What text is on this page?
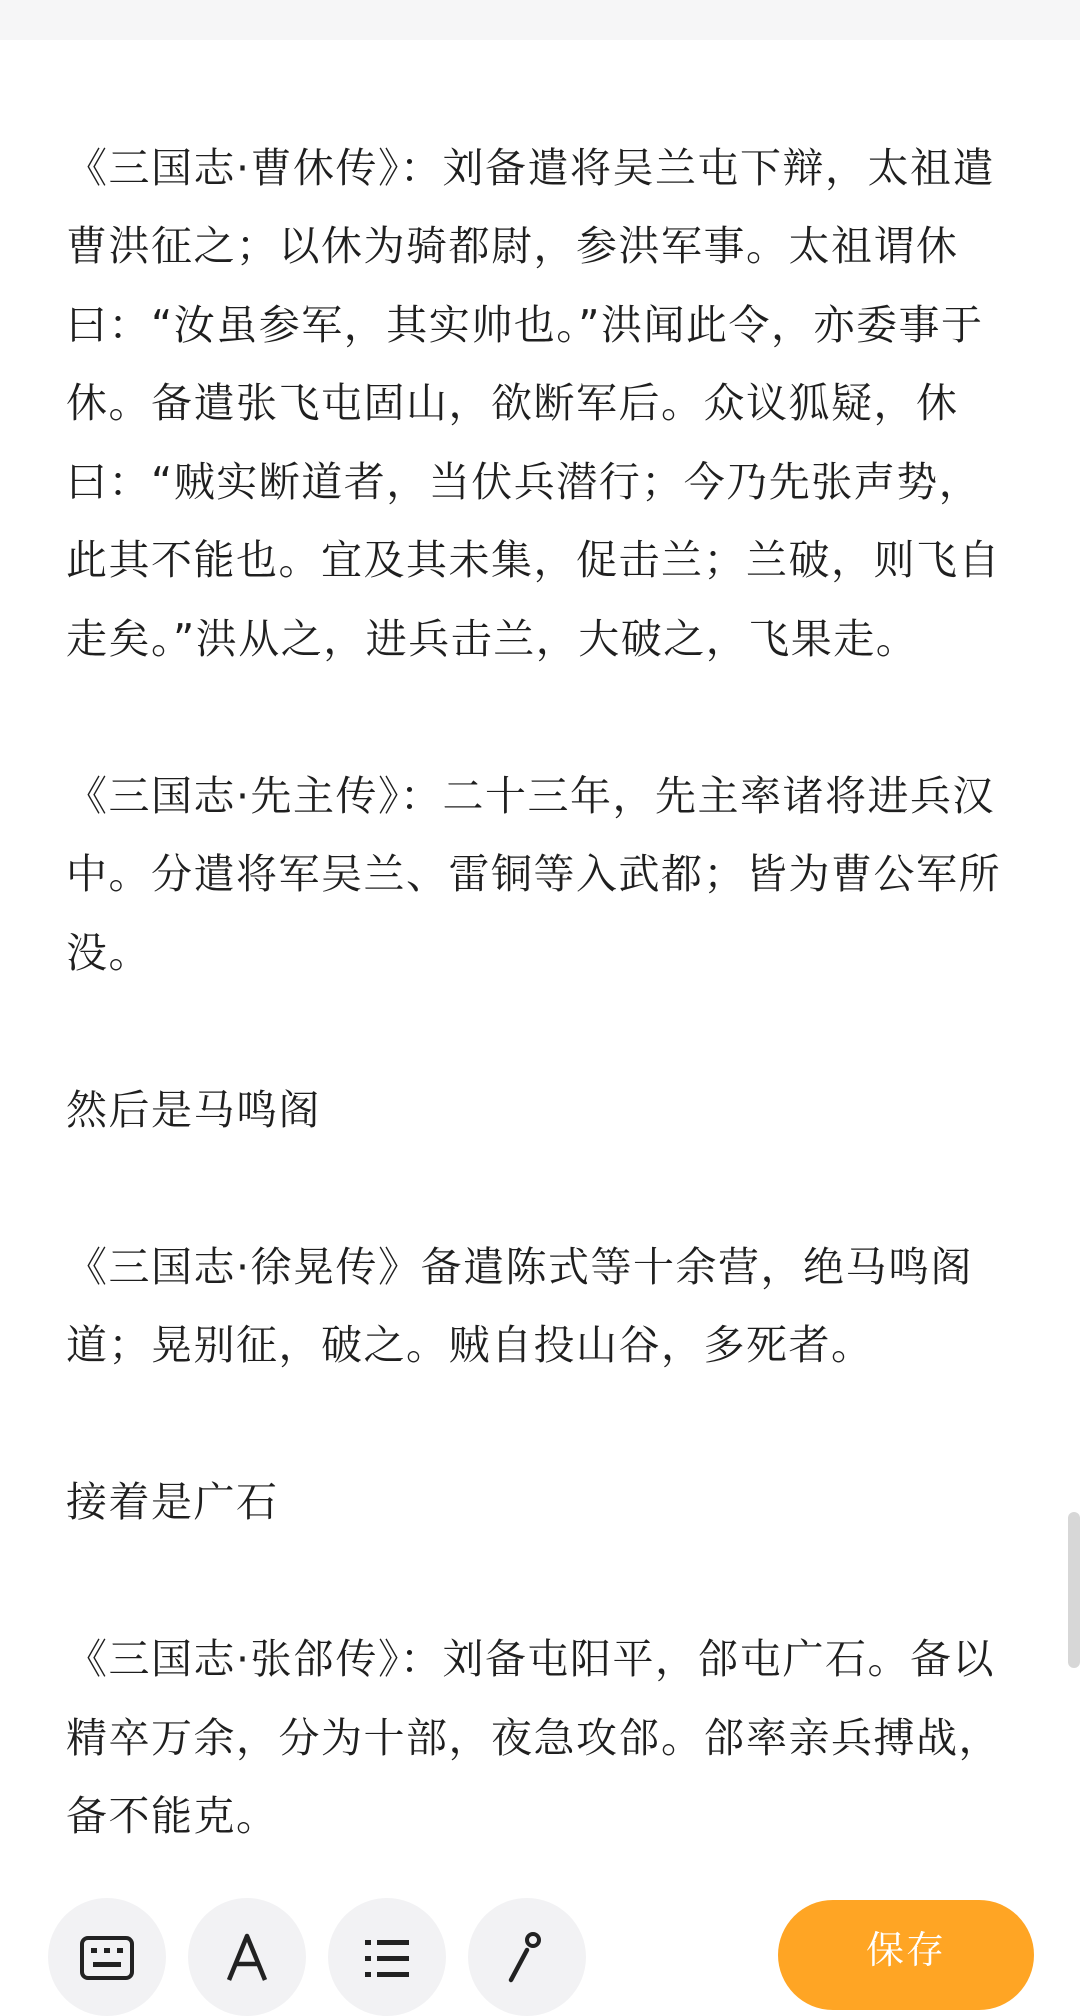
《三国志·曹休传》：刘备遣将吴兰屯下辩，太祖遣曹洪征之；以休为骑都尉，参洪军事。太祖谓休曰：“汝虽参军，其实帅也。”洪闻此令，亦委事于休。备遣张飞屯固山，欲断军后。众议狐疑，休曰：“贼实断道者，当伏兵潜行；今乃先张声势，此其不能也。宜及其未集，促击兰；兰破，则飞自走矣。”洪从之，进兵击兰，大破之，飞果走。

《三国志·先主传》：二十三年，先主率诸将进兵汉中。分遣将军吴兰、雷铜等入武都；皆为曹公军所没。

然后是马鸣阁

《三国志·徐晃传》备遣陈式等十余营，绝马鸣阁道；晃别征，破之。贼自投山谷，多死者。

接着是广石

《三国志·张郃传》：刘备屯阳平，郃屯广石。备以精卒万余，分为十部，夜急攻郃。郃率亲兵搏战，备不能克。

保存
